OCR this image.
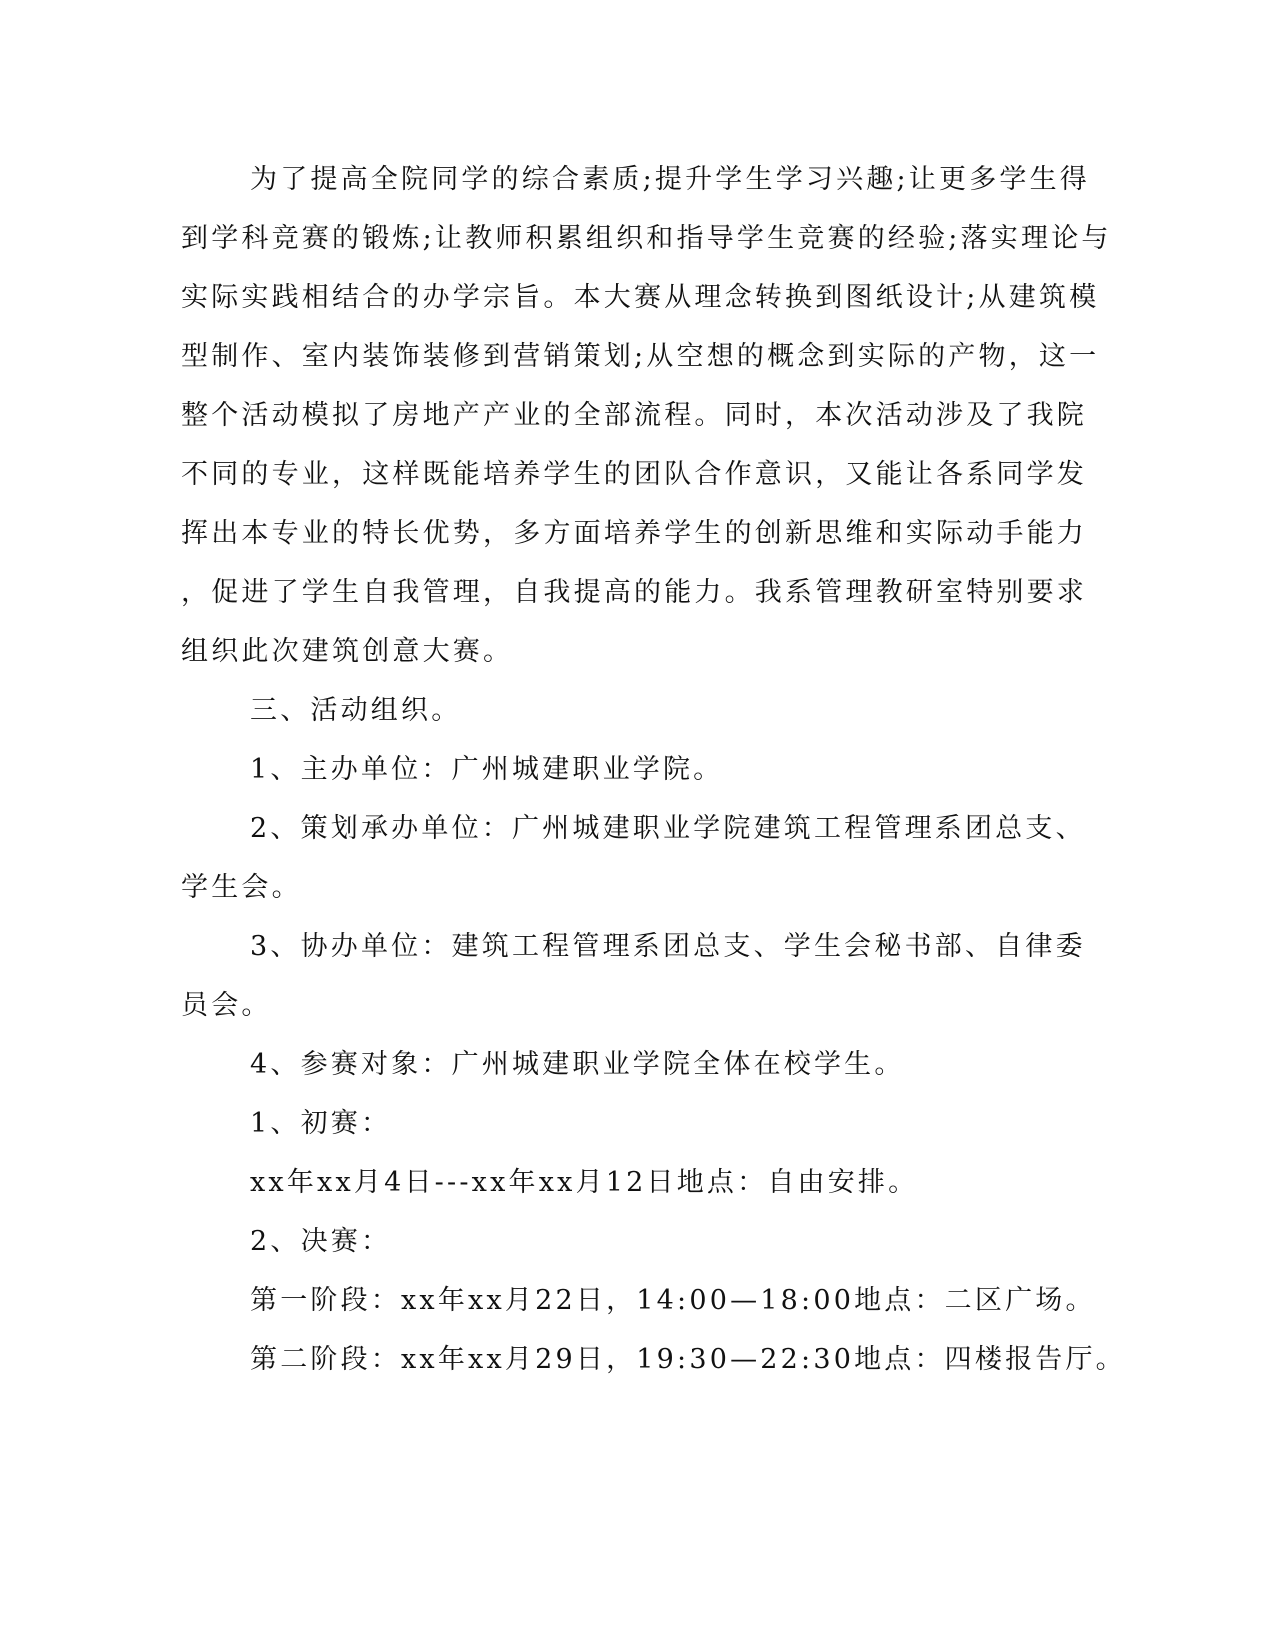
为了提高全院同学的综合素质;提升学生学习兴趣;让更多学生得
到学科竞赛的锻炼;让教师积累组织和指导学生竞赛的经验;落实理论与
实际实践相结合的办学宗旨。本大赛从理念转换到图纸设计;从建筑模
型制作、室内装饰装修到营销策划;从空想的概念到实际的产物，这一
整个活动模拟了房地产产业的全部流程。同时，本次活动涉及了我院
不同的专业，这样既能培养学生的团队合作意识，又能让各系同学发
挥出本专业的特长优势，多方面培养学生的创新思维和实际动手能力
，促进了学生自我管理，自我提高的能力。我系管理教研室特别要求
组织此次建筑创意大赛。
三、活动组织。
1、主办单位：广州城建职业学院。
2、策划承办单位：广州城建职业学院建筑工程管理系团总支、
学生会。
3、协办单位：建筑工程管理系团总支、学生会秘书部、自律委
员会。
4、参赛对象：广州城建职业学院全体在校学生。
1、初赛：
xx年xx月4日---xx年xx月12日地点：自由安排。
2、决赛：
第一阶段：xx年xx月22日，14:00—18:00地点：二区广场。
第二阶段：xx年xx月29日，19:30—22:30地点：四楼报告厅。
